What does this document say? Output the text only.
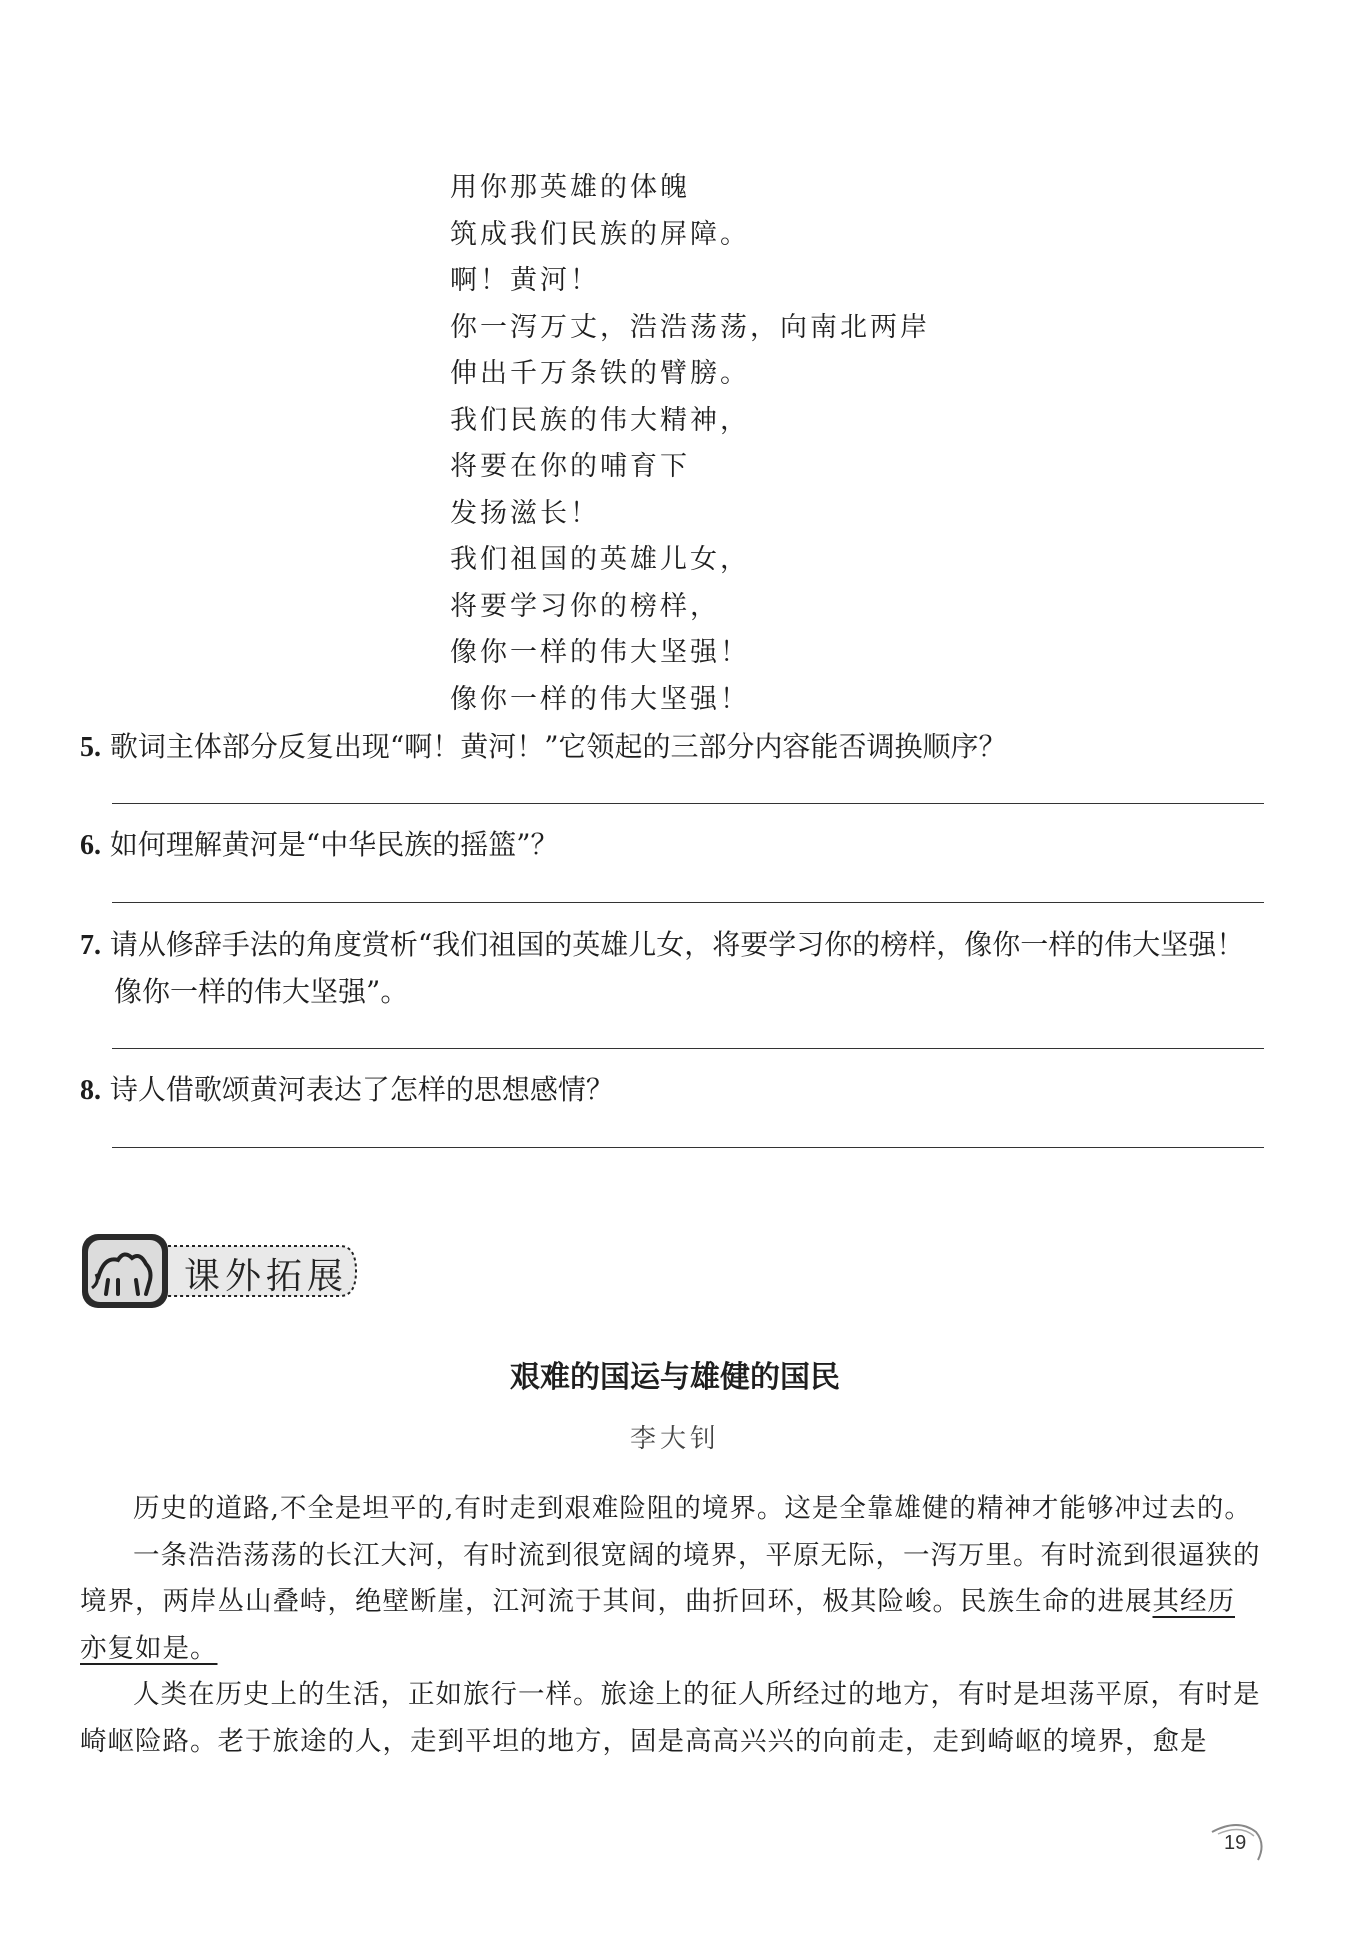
用你那英雄的体魄
筑成我们民族的屏障。
啊！黄河！
你一泻万丈，浩浩荡荡，向南北两岸
伸出千万条铁的臂膀。
我们民族的伟大精神，
将要在你的哺育下
发扬滋长！
我们祖国的英雄儿女，
将要学习你的榜样，
像你一样的伟大坚强！
像你一样的伟大坚强！
5. 歌词主体部分反复出现“啊！黄河！”它领起的三部分内容能否调换顺序？
6. 如何理解黄河是“中华民族的摇篮”？
7. 请从修辞手法的角度赏析“我们祖国的英雄儿女，将要学习你的榜样，像你一样的伟大坚强！像你一样的伟大坚强”。
8. 诗人借歌颂黄河表达了怎样的思想感情？
课外拓展
艰难的国运与雄健的国民
李大钊

历史的道路,不全是坦平的,有时走到艰难险阻的境界。这是全靠雄健的精神才能够冲过去的。

一条浩浩荡荡的长江大河，有时流到很宽阔的境界，平原无际，一泻万里。有时流到很逼狭的境界，两岸丛山叠峙，绝壁断崖，江河流于其间，曲折回环，极其险峻。民族生命的进展其经历亦复如是。

人类在历史上的生活，正如旅行一样。旅途上的征人所经过的地方，有时是坦荡平原，有时是崎岖险路。老于旅途的人，走到平坦的地方，固是高高兴兴的向前走，走到崎岖的境界，愈是

19
